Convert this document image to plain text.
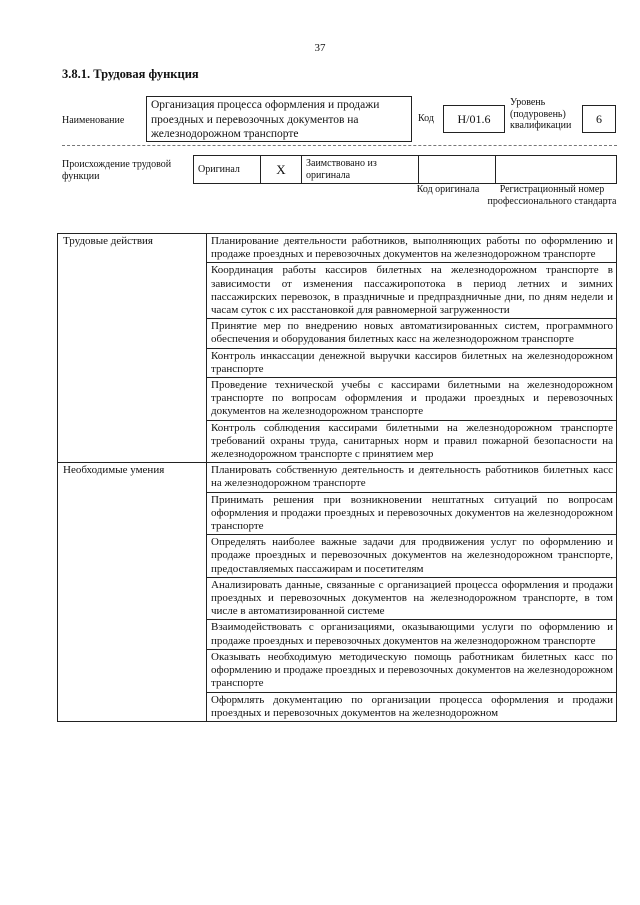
37
3.8.1. Трудовая функция
Наименование
Организация процесса оформления и продажи проездных и перевозочных документов на железнодорожном транспорте
Код	Н/01.6
Уровень (подуровень) квалификации	6
Происхождение трудовой функции
Оригинал	X	Заимствовано из оригинала		
Код оригинала	Регистрационный номер профессионального стандарта
Трудовые действия	Планирование деятельности работников, выполняющих работы по оформлению и продаже проездных и перевозочных документов на железнодорожном транспорте
	Координация работы кассиров билетных на железнодорожном транспорте в зависимости от изменения пассажиропотока в период летних и зимних пассажирских перевозок, в праздничные и предпраздничные дни, по дням недели и часам суток с их расстановкой для равномерной загруженности
	Принятие мер по внедрению новых автоматизированных систем, программного обеспечения и оборудования билетных касс на железнодорожном транспорте
	Контроль инкассации денежной выручки кассиров билетных на железнодорожном транспорте
	Проведение технической учебы с кассирами билетными на железнодорожном транспорте по вопросам оформления и продажи проездных и перевозочных документов на железнодорожном транспорте
	Контроль соблюдения кассирами билетными на железнодорожном транспорте требований охраны труда, санитарных норм и правил пожарной безопасности на железнодорожном транспорте с принятием мер
Необходимые умения	Планировать собственную деятельность и деятельность работников билетных касс на железнодорожном транспорте
	Принимать решения при возникновении нештатных ситуаций по вопросам оформления и продажи проездных и перевозочных документов на железнодорожном транспорте
	Определять наиболее важные задачи для продвижения услуг по оформлению и продаже проездных и перевозочных документов на железнодорожном транспорте, предоставляемых пассажирам и посетителям
	Анализировать данные, связанные с организацией процесса оформления и продажи проездных и перевозочных документов на железнодорожном транспорте, в том числе в автоматизированной системе
	Взаимодействовать с организациями, оказывающими услуги по оформлению и продаже проездных и перевозочных документов на железнодорожном транспорте
	Оказывать необходимую методическую помощь работникам билетных касс по оформлению и продаже проездных и перевозочных документов на железнодорожном транспорте
	Оформлять документацию по организации процесса оформления и продажи проездных и перевозочных документов на железнодорожном
